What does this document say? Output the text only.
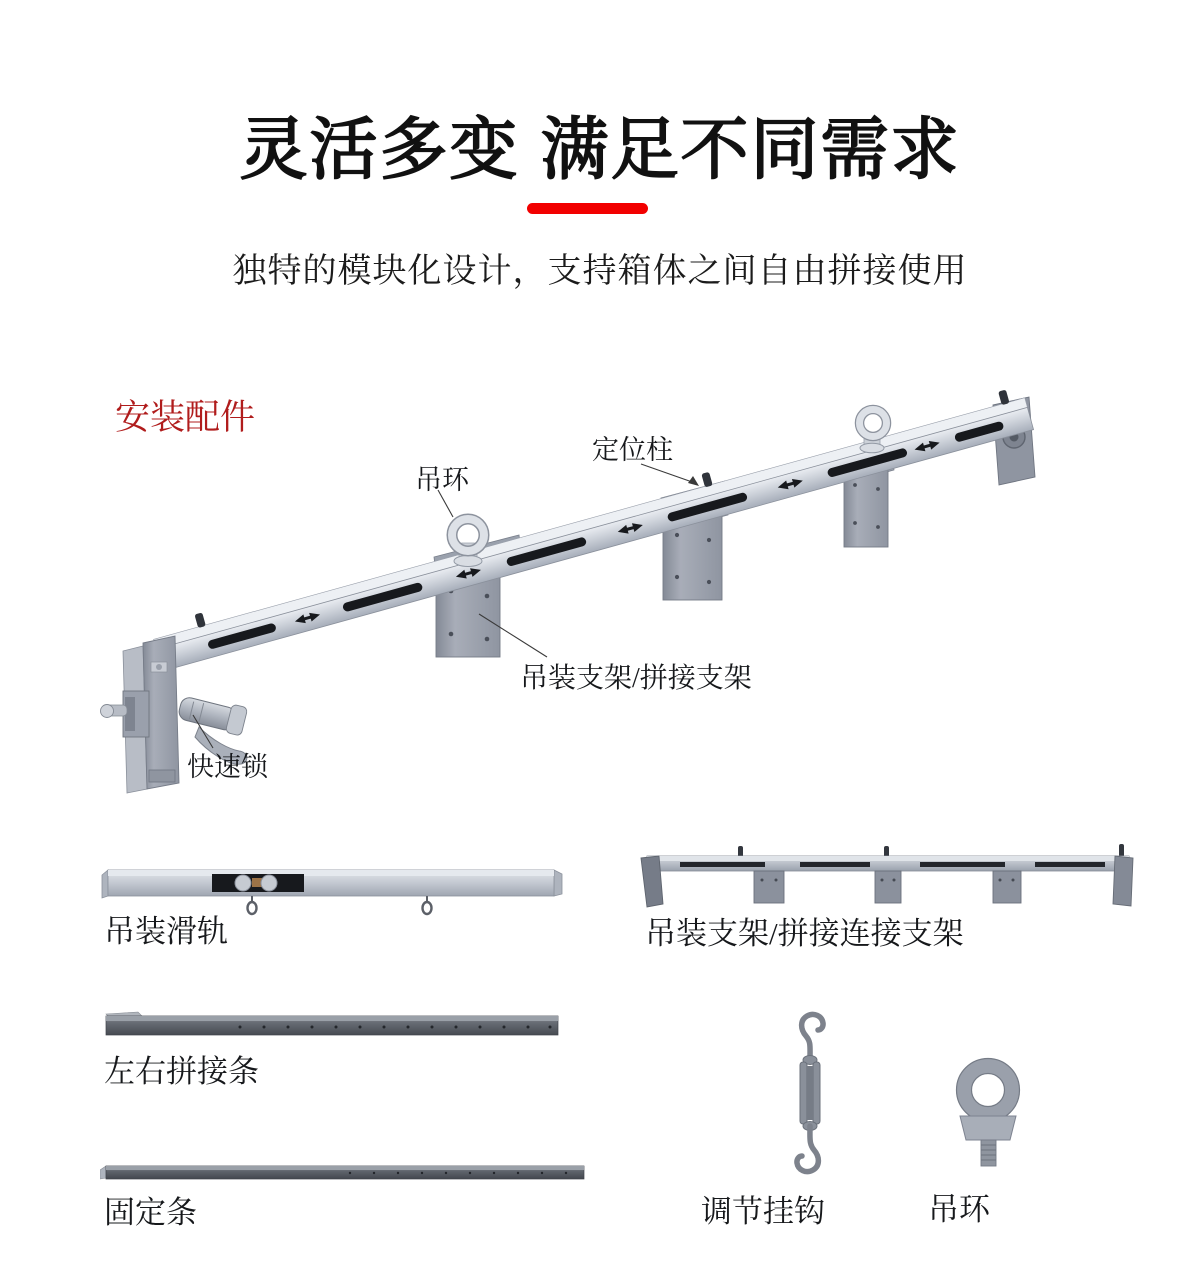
灵活多变 满足不同需求

独特的模块化设计，支持箱体之间自由拼接使用

安装配件
吊环
定位柱
吊装支架/拼接支架
快速锁
吊装滑轨	吊装支架/拼接连接支架
左右拼接条
固定条	调节挂钩	吊环
